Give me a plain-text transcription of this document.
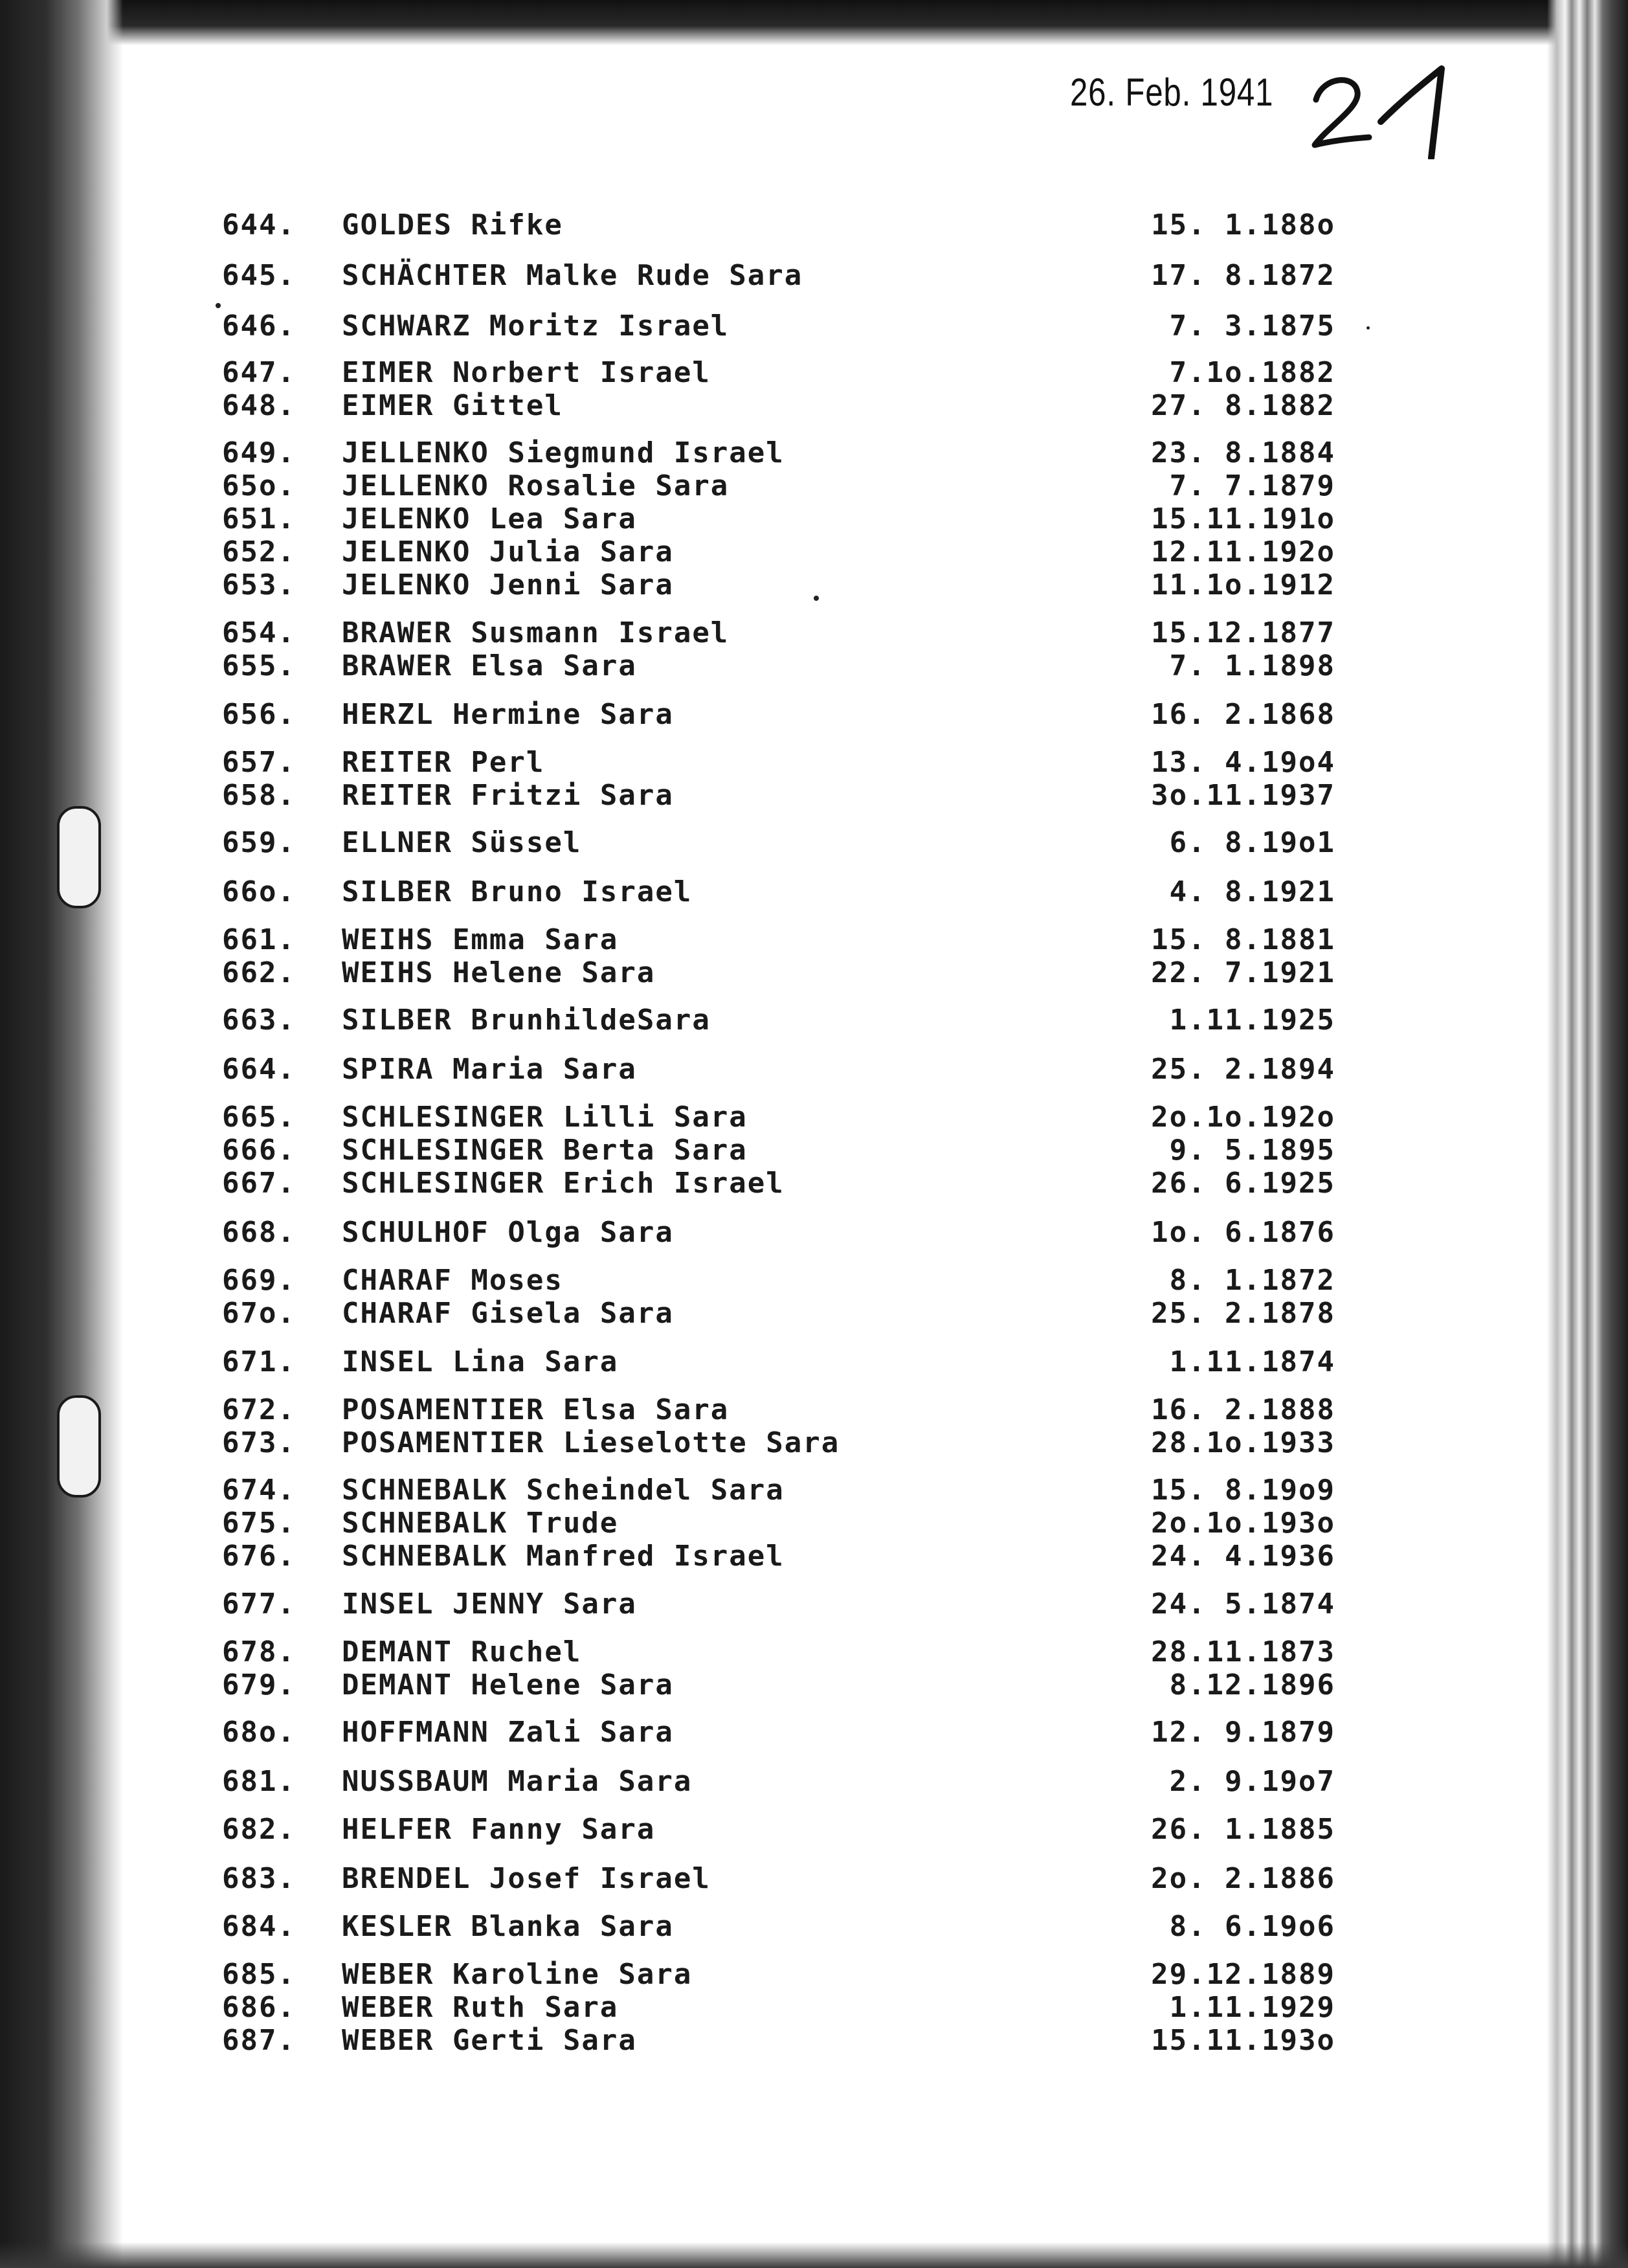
26. Feb. 1941
644. GOLDES Rifke	15. 1.188o
645. SCHÄCHTER Malke Rude Sara	17. 8.1872
646. SCHWARZ Moritz Israel	7. 3.1875
647. EIMER Norbert Israel	7.1o.1882
648. EIMER Gittel	27. 8.1882
649. JELLENKO Siegmund Israel	23. 8.1884
65o. JELLENKO Rosalie Sara	7. 7.1879
651. JELENKO Lea Sara	15.11.191o
652. JELENKO Julia Sara	12.11.192o
653. JELENKO Jenni Sara	11.1o.1912
654. BRAWER Susmann Israel	15.12.1877
655. BRAWER Elsa Sara	7. 1.1898
656. HERZL Hermine Sara	16. 2.1868
657. REITER Perl	13. 4.19o4
658. REITER Fritzi Sara	3o.11.1937
659. ELLNER Süssel	6. 8.19o1
66o. SILBER Bruno Israel	4. 8.1921
661. WEIHS Emma Sara	15. 8.1881
662. WEIHS Helene Sara	22. 7.1921
663. SILBER BrunhildeSara	1.11.1925
664. SPIRA Maria Sara	25. 2.1894
665. SCHLESINGER Lilli Sara	2o.1o.192o
666. SCHLESINGER Berta Sara	9. 5.1895
667. SCHLESINGER Erich Israel	26. 6.1925
668. SCHULHOF Olga Sara	1o. 6.1876
669. CHARAF Moses	8. 1.1872
67o. CHARAF Gisela Sara	25. 2.1878
671. INSEL Lina Sara	1.11.1874
672. POSAMENTIER Elsa Sara	16. 2.1888
673. POSAMENTIER Lieselotte Sara	28.1o.1933
674. SCHNEBALK Scheindel Sara	15. 8.19o9
675. SCHNEBALK Trude	2o.1o.193o
676. SCHNEBALK Manfred Israel	24. 4.1936
677. INSEL JENNY Sara	24. 5.1874
678. DEMANT Ruchel	28.11.1873
679. DEMANT Helene Sara	8.12.1896
68o. HOFFMANN Zali Sara	12. 9.1879
681. NUSSBAUM Maria Sara	2. 9.19o7
682. HELFER Fanny Sara	26. 1.1885
683. BRENDEL Josef Israel	2o. 2.1886
684. KESLER Blanka Sara	8. 6.19o6
685. WEBER Karoline Sara	29.12.1889
686. WEBER Ruth Sara	1.11.1929
687. WEBER Gerti Sara	15.11.193o
